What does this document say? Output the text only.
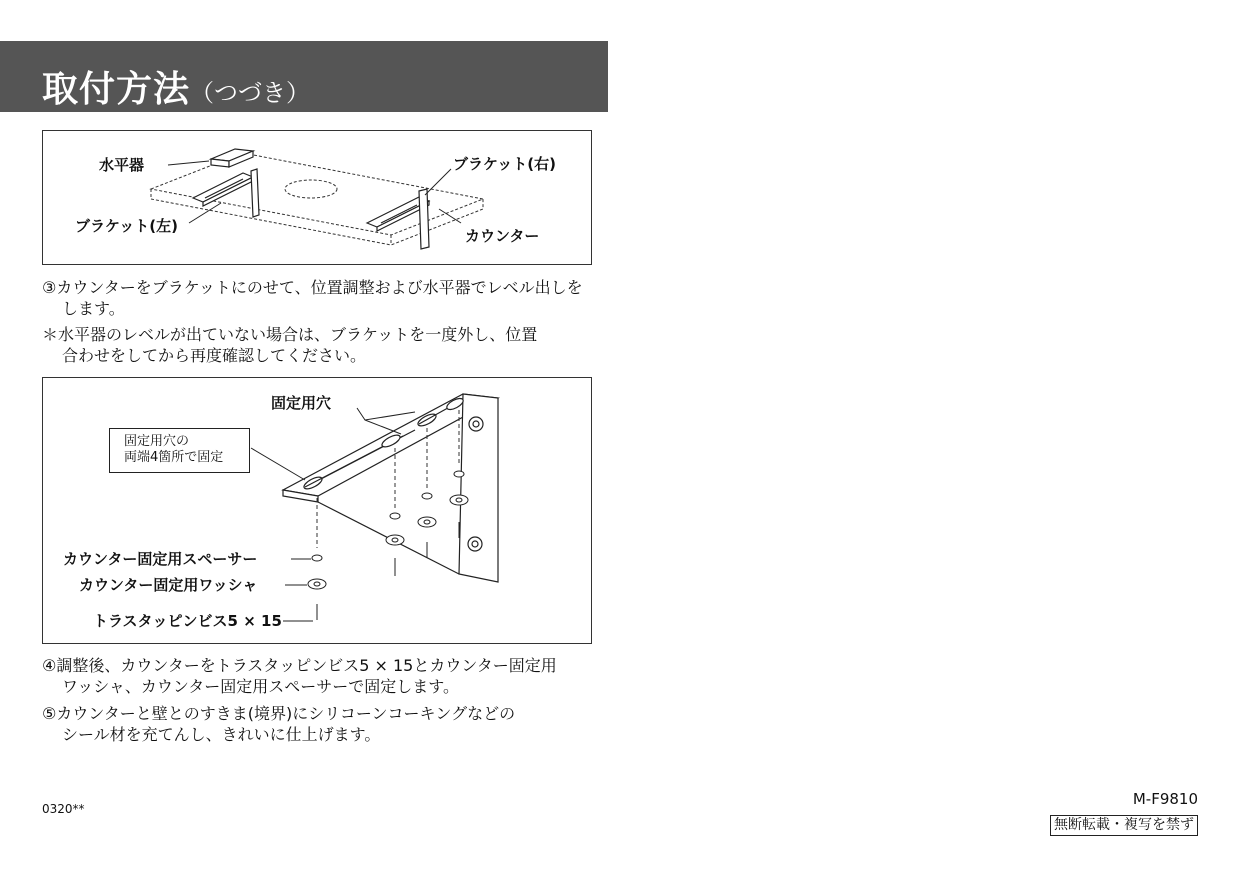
取付方法（つづき）
水平器
ブラケット(左)
ブラケット(右)
カウンター
③カウンターをブラケットにのせて、位置調整および水平器でレベル出しを
します。
＊水平器のレベルが出ていない場合は、ブラケットを一度外し、位置
合わせをしてから再度確認してください。
固定用穴
固定用穴の
両端4箇所で固定
カウンター固定用スペーサー
カウンター固定用ワッシャ
トラスタッピンビス5 × 15
④調整後、カウンターをトラスタッピンビス5 × 15とカウンター固定用
ワッシャ、カウンター固定用スペーサーで固定します。
⑤カウンターと壁とのすきま(境界)にシリコーンコーキングなどの
シール材を充てんし、きれいに仕上げます。
0320**
M-F9810
無断転載・複写を禁ず
